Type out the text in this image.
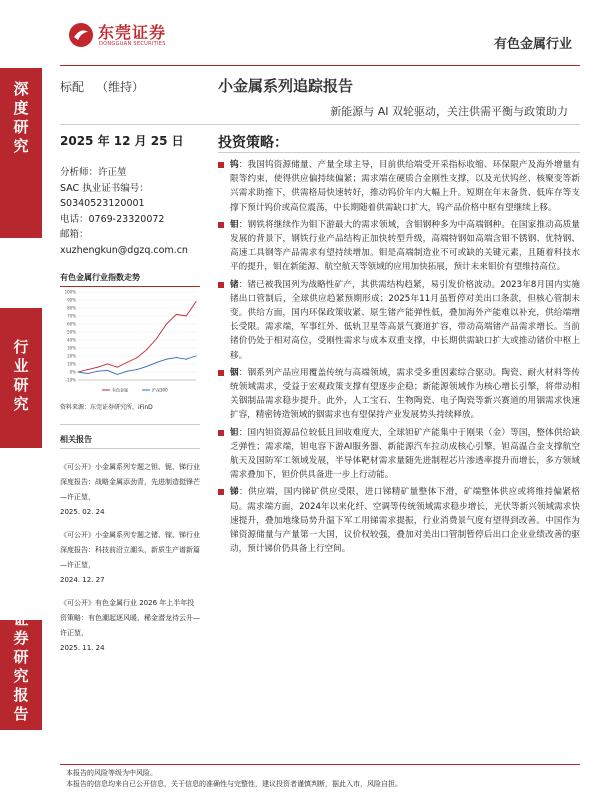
东莞证券
DONGGUAN SECURITIES	有色金属行业
深度研究
行业研究
证券研究报告
标配 （维持）	小金属系列追踪报告
新能源与 AI 双轮驱动，关注供需平衡与政策助力
2025 年 12 月 25 日
分析师：许正堃
SAC 执业证书编号：
S0340523120001
电话：0769-23320072
邮箱：
xuzhengkun@dgzq.com.cn
有色金属行业指数走势
-10%
0%
10%
20%
30%
40%
50%
60%
70%
80%
90%
100%
有色金属	沪深300
资料来源：东莞证券研究所，iFinD
相关报告
《可公开》小金属系列专题之钽、铌、锑行业深度报告：战略金属添劲青，先进制造挺锋芒—许正堃，
2025. 02. 24
《可公开》小金属系列专题之锗、镓、锑行业深度报告：科技前沿立潮头，新质生产谱新篇—许正堃，
2024. 12. 27
《可公开》有色金属行业 2026 年上半年投资策略：有色潮起逐风暖，稀金潜龙待云升—许正堃，
2025. 11. 24
投资策略：
钨：我国钨资源储量、产量全球主导，目前供给端受开采指标收缩、环保限产及海外增量有限等约束，使得供应偏持续偏紧；需求端在硬质合金刚性支撑，以及光伏钨丝、核聚变等新兴需求助推下，供需格局快速转好，推动钨价年内大幅上升。短期在年末备货、低库存等支撑下预计钨价或高位震荡，中长期随着供需缺口扩大，钨产品价格中枢有望继续上移。
钼：钢铁将继续作为钼下游最大的需求领域，含钼钢种多为中高端钢种。在国家推动高质量发展的背景下，钢铁行业产品结构正加快转型升级，高端特钢如高端含钼不锈钢、优特钢、高速工具钢等产品需求有望持续增加。钼是高端制造业不可或缺的关键元素，且随着科技水平的提升，钼在新能源、航空航天等领域的应用加快拓展，预计未来钼价有望维持高位。
锗：锗已被我国列为战略性矿产，其供需结构趋紧，易引发价格波动。2023年8月国内实施锗出口管制后，全球供应趋紧预期形成；2025年11月虽暂停对美出口条款，但核心管制未变。供给方面，国内环保政策收紧、原生锗产能弹性低，叠加海外产能难以补充，供给端增长受限。需求端，军事红外、低轨卫星等高景气赛道扩容，带动高端锗产品需求增长。当前锗价仍处于相对高位，受刚性需求与成本双重支撑，中长期供需缺口扩大或推动锗价中枢上移。
铟：铟系列产品应用覆盖传统与高端领域，需求受多重因素综合驱动。陶瓷、耐火材料等传统领域需求，受益于宏观政策支撑有望逐步企稳；新能源领域作为核心增长引擎，将带动相关铟制品需求稳步提升。此外，人工宝石、生物陶瓷、电子陶瓷等新兴赛道的用铟需求快速扩容，精密铸造领域的铟需求也有望保持产业发展势头持续释放。
钽：国内钽资源品位较低且回收难度大，全球钽矿产能集中于刚果（金）等国，整体供给缺乏弹性；需求端，钽电容下游AI服务器、新能源汽车拉动成核心引擎，钽高温合金支撑航空航天及国防军工领域发展，半导体靶材需求量随先进制程芯片渗透率提升而增长，多方领域需求叠加下，钽价供具备进一步上行动能。
锑：供应端，国内锑矿供应受限，进口锑精矿量整体下滑，矿端整体供应或将维持偏紧格局。需求端方面，2024年以来化纤、空调等传统领域需求稳步增长，光伏等新兴领域需求快速提升，叠加地缘局势升温下军工用锑需求提振，行业消费景气度有望得到改善。中国作为锑资源储量与产量第一大国，议价权较强，叠加对美出口管制暂停后出口企业业绩改善的驱动，预计锑价仍具备上行空间。
本报告的风险等级为中风险。
本报告的信息均来自已公开信息，关于信息的准确性与完整性，建议投资者谨慎判断，据此入市，风险自担。
